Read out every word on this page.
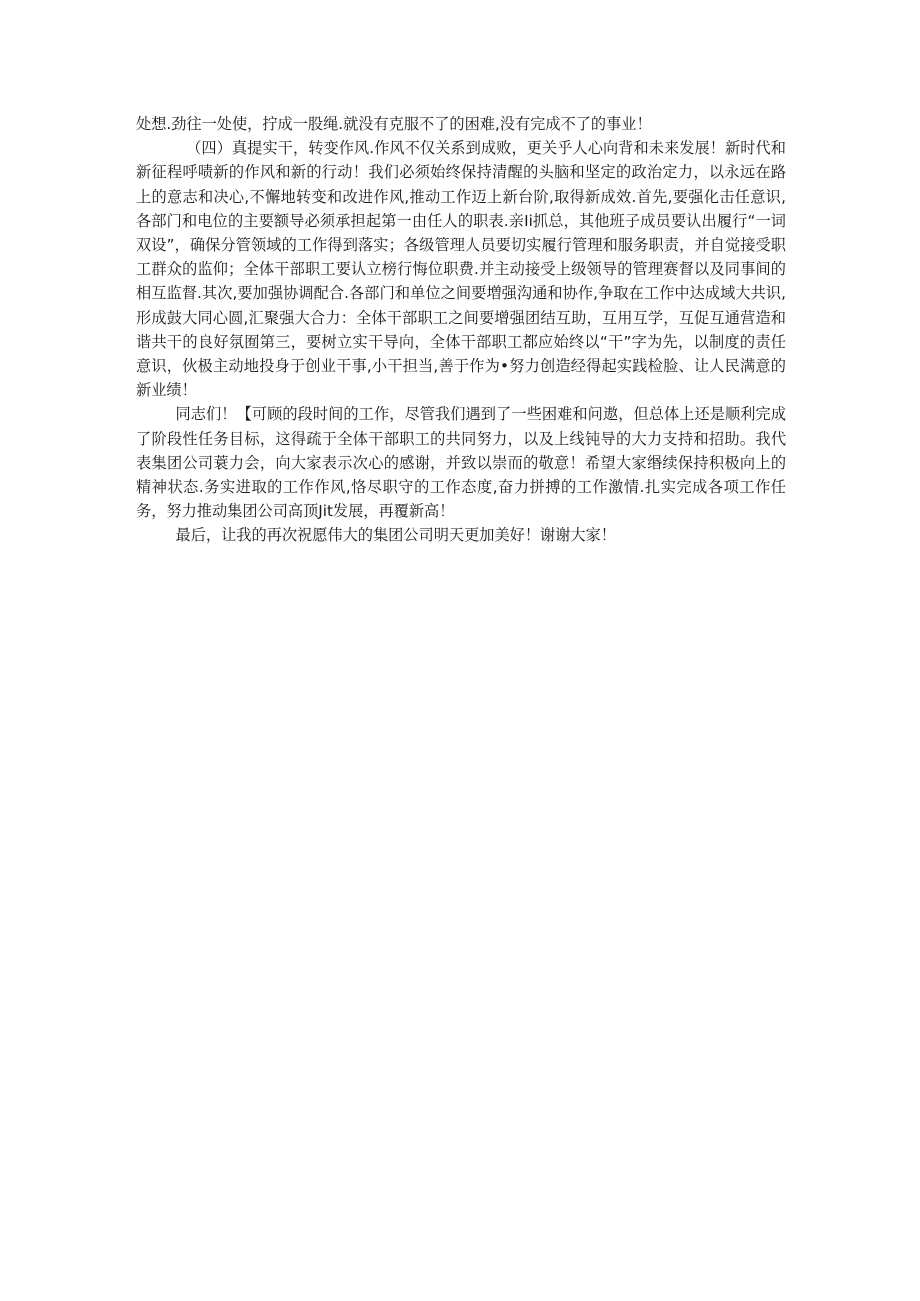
处想.劲往一处使，拧成一股绳.就没有克服不了的困难,没有完成不了的事业！

（四）真提实干，转变作风.作风不仅关系到成败，更关乎人心向背和未来发展！新时代和新征程呼啧新的作风和新的行动！我们必须始终保持清醒的头脑和坚定的政治定力，以永远在路上的意志和决心,不懈地转变和改进作风,推动工作迈上新台阶,取得新成效.首先,要强化击任意识,各部门和电位的主要额导必须承担起第一由任人的职表.亲Ii抓总，其他班子成员要认出履行“一词双设”，确保分管领域的工作得到落实；各级管理人员要切实履行管理和服务职责，并自觉接受职工群众的监仰；全体干部职工要认立榜行悔位职费.并主动接受上级领导的管理赛督以及同事间的相互监督.其次,要加强协调配合.各部门和单位之间要増强沟通和协作,争取在工作中达成域大共识,形成鼓大同心圆,汇聚强大合力：全体干部职工之间要增强团结互助，互用互学，互促互通营造和谐共干的良好氛囿第三，要树立实干导向，全体干部职工都应始终以“干”字为先，以制度的责任意识，伙极主动地投身于创业干事,小干担当,善于作为•努力创造经得起实践检脸、让人民满意的新业绩！

同志们！【可顾的段时间的工作，尽管我们遇到了一些困难和问遨，但总体上还是顺利完成了阶段性任务目标，这得疏于全体干部职工的共同努力，以及上线钝导的大力支持和招助。我代表集团公司蓑力会，向大家表示次心的感谢，并致以崇而的敬意！希望大家缗续保持积极向上的精神状态.务实进取的工作作风,恪尽职守的工作态度,奋力拼搏的工作激情.扎实完成各项工作任务，努力推动集团公司高顶Jit发展，再覆新高！

最后，让我的再次祝愿伟大的集团公司明天更加美好！谢谢大家！
